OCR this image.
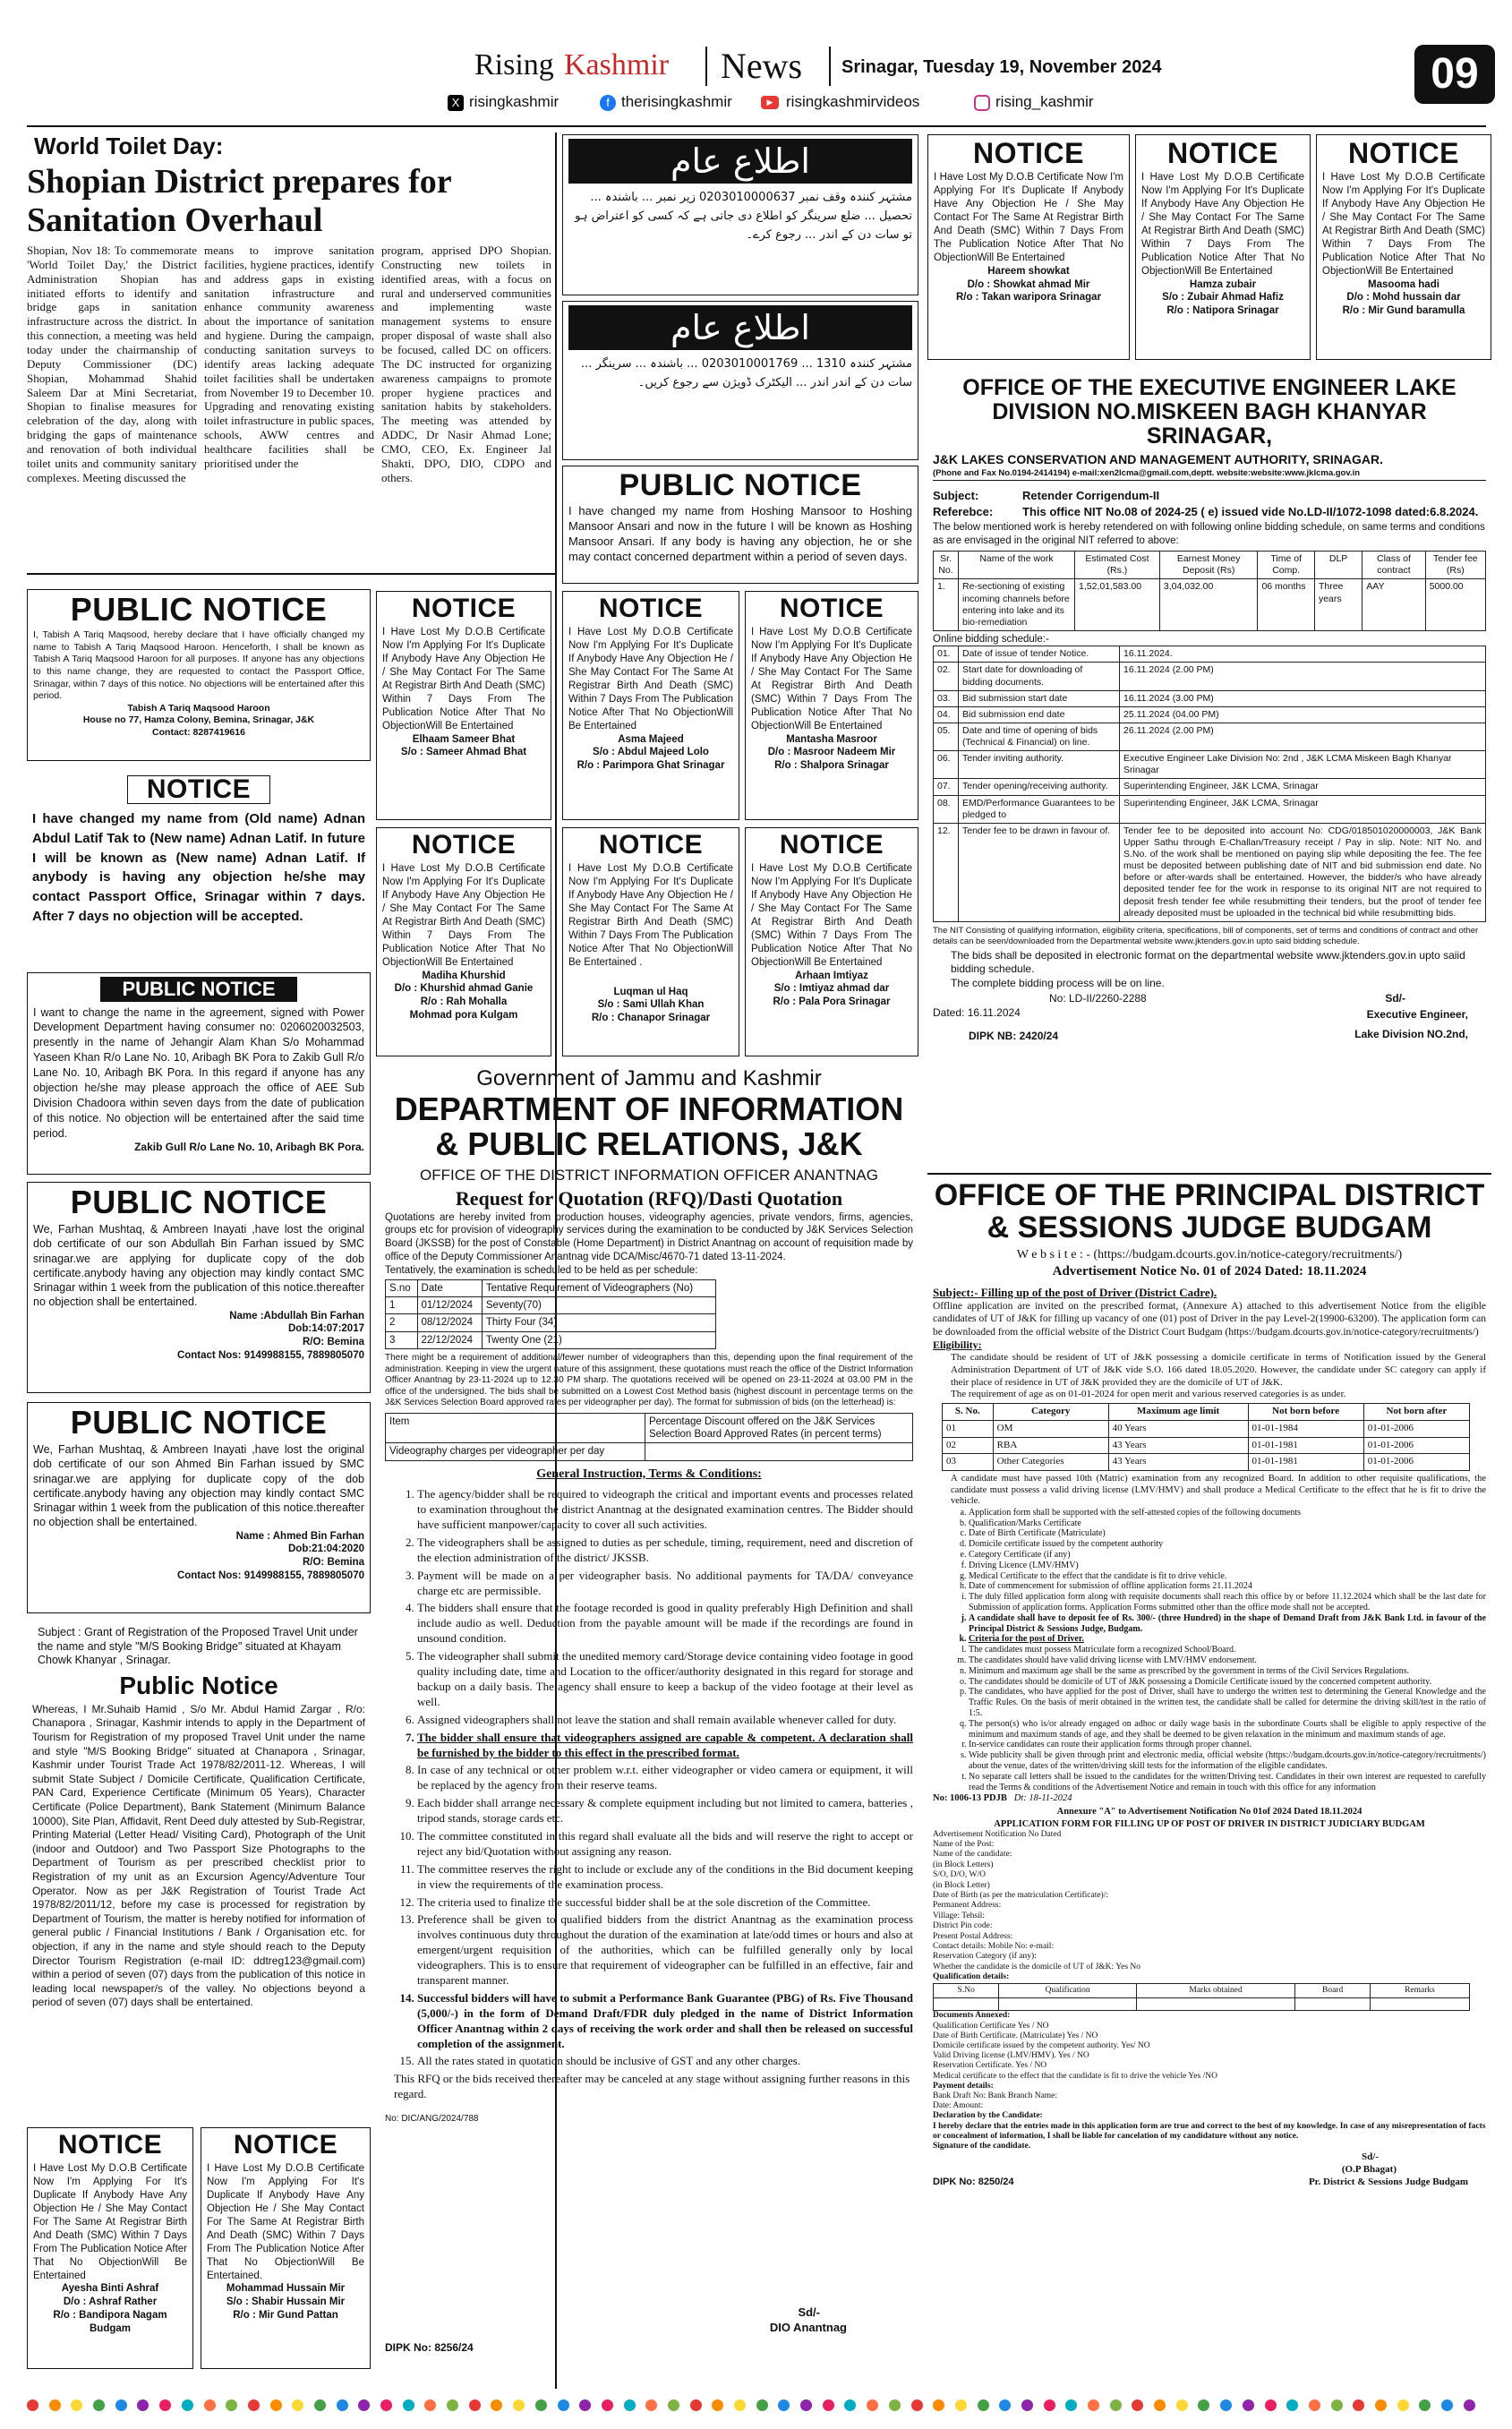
Rising Kashmir News Srinagar, Tuesday 19, November 2024	09
X risingkashmir	f therisingkashmir	▶ risingkashmirvideos	rising_kashmir
World Toilet Day:
Shopian District prepares for Sanitation Overhaul
Shopian, Nov 18: To commemorate 'World Toilet Day,' the District Administration Shopian has initiated efforts to identify and bridge gaps in sanitation infrastructure across the district. In this connection, a meeting was held today under the chairmanship of Deputy Commissioner (DC) Shopian, Mohammad Shahid Saleem Dar at Mini Secretariat, Shopian to finalise measures for celebration of the day, along with bridging the gaps of maintenance and renovation of both individual toilet units and community sanitary complexes. Meeting discussed the
means to improve sanitation facilities, hygiene practices, identify and address gaps in existing sanitation infrastructure and enhance community awareness about the importance of sanitation and hygiene. During the campaign, conducting sanitation surveys to identify areas lacking adequate toilet facilities shall be undertaken from November 19 to December 10. Upgrading and renovating existing toilet infrastructure in public spaces, schools, AWW centres and healthcare facilities shall be prioritised under the
program, apprised DPO Shopian. Constructing new toilets in identified areas, with a focus on rural and underserved communities and implementing waste management systems to ensure proper disposal of waste shall also be focused, called DC on officers. The DC instructed for organizing awareness campaigns to promote proper hygiene practices and sanitation habits by stakeholders. The meeting was attended by ADDC, Dr Nasir Ahmad Lone; CMO, CEO, Ex. Engineer Jal Shakti, DPO, DIO, CDPO and others.
اطلاعِ عام
مشتہر کنندہ وقف نمبر 0203010000637 زیر نمبر ... باشندہ ... تحصیل ... ضلع سرینگر کو اطلاع دی جاتی ہے کہ کسی کو اعتراض ہو تو سات دن کے اندر ... رجوع کرے۔
اطلاعِ عام
مشتہر کنندہ 1310 ... 0203010001769 ... باشندہ ... سرینگر ... سات دن کے اندر اندر ... الیکٹرک ڈویژن سے رجوع کریں۔
PUBLIC NOTICE
I have changed my name from Hoshing Mansoor to Hoshing Mansoor Ansari and now in the future I will be known as Hoshing Mansoor Ansari. If any body is having any objection, he or she may contact concerned department within a period of seven days.
NOTICE
I Have Lost My D.O.B Certificate Now I'm Applying For It's Duplicate If Anybody Have Any Objection He / She May Contact For The Same At Registrar Birth And Death (SMC) Within 7 Days From The Publication Notice After That No ObjectionWill Be Entertained
Hareem showkat
D/o : Showkat ahmad Mir
R/o : Takan waripora Srinagar
NOTICE
I Have Lost My D.O.B Certificate Now I'm Applying For It's Duplicate If Anybody Have Any Objection He / She May Contact For The Same At Registrar Birth And Death (SMC) Within 7 Days From The Publication Notice After That No ObjectionWill Be Entertained
Hamza zubair
S/o : Zubair Ahmad Hafiz
R/o : Natipora Srinagar
NOTICE
I Have Lost My D.O.B Certificate Now I'm Applying For It's Duplicate If Anybody Have Any Objection He / She May Contact For The Same At Registrar Birth And Death (SMC) Within 7 Days From The Publication Notice After That No ObjectionWill Be Entertained
Masooma hadi
D/o : Mohd hussain dar
R/o : Mir Gund baramulla
PUBLIC NOTICE
I, Tabish A Tariq Maqsood, hereby declare that I have officially changed my name to Tabish A Tariq Maqsood Haroon. Henceforth, I shall be known as Tabish A Tariq Maqsood Haroon for all purposes. If anyone has any objections to this name change, they are requested to contact the Passport Office, Srinagar, within 7 days of this notice. No objections will be entertained after this period.
Tabish A Tariq Maqsood Haroon
House no 77, Hamza Colony, Bemina, Srinagar, J&K
Contact: 8287419616
NOTICE
I have changed my name from (Old name) Adnan Abdul Latif Tak to (New name) Adnan Latif. In future I will be known as (New name) Adnan Latif. If anybody is having any objection he/she may contact Passport Office, Srinagar within 7 days. After 7 days no objection will be accepted.
PUBLIC NOTICE
I want to change the name in the agreement, signed with Power Development Department having consumer no: 0206020032503, presently in the name of Jehangir Alam Khan S/o Mohammad Yaseen Khan R/o Lane No. 10, Aribagh BK Pora to Zakib Gull R/o Lane No. 10, Aribagh BK Pora. In this regard if anyone has any objection he/she may please approach the office of AEE Sub Division Chadoora within seven days from the date of publication of this notice. No objection will be entertained after the said time period.
Zakib Gull R/o Lane No. 10, Aribagh BK Pora.
PUBLIC NOTICE
We, Farhan Mushtaq, & Ambreen Inayati ,have lost the original dob certificate of our son Abdullah Bin Farhan issued by SMC srinagar.we are applying for duplicate copy of the dob certificate.anybody having any objection may kindly contact SMC Srinagar within 1 week from the publication of this notice.thereafter no objection shall be entertained.
Name :Abdullah Bin Farhan
Dob:14:07:2017
R/O: Bemina
Contact Nos: 9149988155, 7889805070
PUBLIC NOTICE
We, Farhan Mushtaq, & Ambreen Inayati ,have lost the original dob certificate of our son Ahmed Bin Farhan issued by SMC srinagar.we are applying for duplicate copy of the dob certificate.anybody having any objection may kindly contact SMC Srinagar within 1 week from the publication of this notice.thereafter no objection shall be entertained.
Name : Ahmed Bin Farhan
Dob:21:04:2020
R/O: Bemina
Contact Nos: 9149988155, 7889805070
Subject : Grant of Registration of the Proposed Travel Unit under the name and style "M/S Booking Bridge" situated at Khayam Chowk Khanyar , Srinagar.
Public Notice
Whereas, I Mr.Suhaib Hamid , S/o Mr. Abdul Hamid Zargar , R/o: Chanapora , Srinagar, Kashmir intends to apply in the Department of Tourism for Registration of my proposed Travel Unit under the name and style "M/S Booking Bridge" situated at Chanapora , Srinagar, Kashmir under Tourist Trade Act 1978/82/2011-12. Whereas, I will submit State Subject / Domicile Certificate, Qualification Certificate, PAN Card, Experience Certificate (Minimum 05 Years), Character Certificate (Police Department), Bank Statement (Minimum Balance 10000), Site Plan, Affidavit, Rent Deed duly attested by Sub-Registrar, Printing Material (Letter Head/ Visiting Card), Photograph of the Unit (indoor and Outdoor) and Two Passport Size Photographs to the Department of Tourism as per prescribed checklist prior to Registration of my unit as an Excursion Agency/Adventure Tour Operator. Now as per J&K Registration of Tourist Trade Act 1978/82/2011/12, before my case is processed for registration by Department of Tourism, the matter is hereby notified for information of general public / Financial Institutions / Bank / Organisation etc. for objection, if any in the name and style should reach to the Deputy Director Tourism Registration (e-mail ID: ddtreg123@gmail.com) within a period of seven (07) days from the publication of this notice in leading local newspaper/s of the valley. No objections beyond a period of seven (07) days shall be entertained.
NOTICE
I Have Lost My D.O.B Certificate Now I'm Applying For It's Duplicate If Anybody Have Any Objection He / She May Contact For The Same At Registrar Birth And Death (SMC) Within 7 Days From The Publication Notice After That No ObjectionWill Be Entertained
Ayesha Binti Ashraf
D/o : Ashraf Rather
R/o : Bandipora Nagam Budgam
NOTICE
I Have Lost My D.O.B Certificate Now I'm Applying For It's Duplicate If Anybody Have Any Objection He / She May Contact For The Same At Registrar Birth And Death (SMC) Within 7 Days From The Publication Notice After That No ObjectionWill Be Entertained.
Mohammad Hussain Mir
S/o : Shabir Hussain Mir
R/o : Mir Gund Pattan
NOTICE
I Have Lost My D.O.B Certificate Now I'm Applying For It's Duplicate If Anybody Have Any Objection He / She May Contact For The Same At Registrar Birth And Death (SMC) Within 7 Days From The Publication Notice After That No ObjectionWill Be Entertained
Elhaam Sameer Bhat
S/o : Sameer Ahmad Bhat
NOTICE
I Have Lost My D.O.B Certificate Now I'm Applying For It's Duplicate If Anybody Have Any Objection He / She May Contact For The Same At Registrar Birth And Death (SMC) Within 7 Days From The Publication Notice After That No ObjectionWill Be Entertained
Asma Majeed
S/o : Abdul Majeed Lolo
R/o : Parimpora Ghat Srinagar
NOTICE
I Have Lost My D.O.B Certificate Now I'm Applying For It's Duplicate If Anybody Have Any Objection He / She May Contact For The Same At Registrar Birth And Death (SMC) Within 7 Days From The Publication Notice After That No ObjectionWill Be Entertained
Mantasha Masroor
D/o : Masroor Nadeem Mir
R/o : Shalpora Srinagar
NOTICE
I Have Lost My D.O.B Certificate Now I'm Applying For It's Duplicate If Anybody Have Any Objection He / She May Contact For The Same At Registrar Birth And Death (SMC) Within 7 Days From The Publication Notice After That No ObjectionWill Be Entertained
Madiha Khurshid
D/o : Khurshid ahmad Ganie
R/o : Rah Mohalla
Mohmad pora Kulgam
NOTICE
I Have Lost My D.O.B Certificate Now I'm Applying For It's Duplicate If Anybody Have Any Objection He / She May Contact For The Same At Registrar Birth And Death (SMC) Within 7 Days From The Publication Notice After That No ObjectionWill Be Entertained .
Luqman ul Haq
S/o : Sami Ullah Khan
R/o : Chanapor Srinagar
NOTICE
I Have Lost My D.O.B Certificate Now I'm Applying For It's Duplicate If Anybody Have Any Objection He / She May Contact For The Same At Registrar Birth And Death (SMC) Within 7 Days From The Publication Notice After That No ObjectionWill Be Entertained
Arhaan Imtiyaz
S/o : Imtiyaz ahmad dar
R/o : Pala Pora Srinagar
Government of Jammu and Kashmir
DEPARTMENT OF INFORMATION & PUBLIC RELATIONS, J&K
OFFICE OF THE DISTRICT INFORMATION OFFICER ANANTNAG
Request for Quotation (RFQ)/Dasti Quotation
Quotations are hereby invited from production houses, videography agencies, private vendors, firms, agencies, groups etc for provision of videography services during the examination to be conducted by J&K Services Selection Board (JKSSB) for the post of Constable (Home Department) in District Anantnag on account of requisition made by office of the Deputy Commissioner Anantnag vide DCA/Misc/4670-71 dated 13-11-2024.
Tentatively, the examination is scheduled to be held as per schedule:
S.no	Date	Tentative Requirement of Videographers (No)
1	01/12/2024	Seventy(70)
2	08/12/2024	Thirty Four (34)
3	22/12/2024	Twenty One (21)
There might be a requirement of additional/fewer number of videographers than this, depending upon the final requirement of the administration. Keeping in view the urgent nature of this assignment, these quotations must reach the office of the District Information Officer Anantnag by 23-11-2024 up to 12.30 PM sharp. The quotations received will be opened on 23-11-2024 at 03.00 PM in the office of the undersigned. The bids shall be submitted on a Lowest Cost Method basis (highest discount in percentage terms on the J&K Services Selection Board approved rates per videographer per day). The format for submission of bids (on the letterhead) is:
Item	Percentage Discount offered on the J&K Services Selection Board Approved Rates (in percent terms)
Videography charges per videographer per day	
General Instruction, Terms & Conditions:
1. The agency/bidder shall be required to videograph the critical and important events and processes related to examination throughout the district Anantnag at the designated examination centres. The Bidder should have sufficient manpower/capacity to cover all such activities.
2. The videographers shall be assigned to duties as per schedule, timing, requirement, need and discretion of the election administration of the district/ JKSSB.
3. Payment will be made on a per videographer basis. No additional payments for TA/DA/ conveyance charge etc are permissible.
4. The bidders shall ensure that the footage recorded is good in quality preferably High Definition and shall include audio as well. Deduction from the payable amount will be made if the recordings are found in unsound condition.
5. The videographer shall submit the unedited memory card/Storage device containing video footage in good quality including date, time and Location to the officer/authority designated in this regard for storage and backup on a daily basis. The agency shall ensure to keep a backup of the video footage at their level as well.
6. Assigned videographers shall not leave the station and shall remain available whenever called for duty.
7. The bidder shall ensure that videographers assigned are capable & competent. A declaration shall be furnished by the bidder to this effect in the prescribed format.
8. In case of any technical or other problem w.r.t. either videographer or video camera or equipment, it will be replaced by the agency from their reserve teams.
9. Each bidder shall arrange necessary & complete equipment including but not limited to camera, batteries , tripod stands, storage cards etc.
10. The committee constituted in this regard shall evaluate all the bids and will reserve the right to accept or reject any bid/Quotation without assigning any reason.
11. The committee reserves the right to include or exclude any of the conditions in the Bid document keeping in view the requirements of the examination process.
12. The criteria used to finalize the successful bidder shall be at the sole discretion of the Committee.
13. Preference shall be given to qualified bidders from the district Anantnag as the examination process involves continuous duty throughout the duration of the examination at late/odd times or hours and also at emergent/urgent requisition of the authorities, which can be fulfilled generally only by local videographers. This is to ensure that requirement of videographer can be fulfilled in an effective, fair and transparent manner.
14. Successful bidders will have to submit a Performance Bank Guarantee (PBG) of Rs. Five Thousand (5,000/-) in the form of Demand Draft/FDR duly pledged in the name of District Information Officer Anantnag within 2 days of receiving the work order and shall then be released on successful completion of the assignment.
15. All the rates stated in quotation should be inclusive of GST and any other charges.
This RFQ or the bids received thereafter may be canceled at any stage without assigning further reasons in this regard.
No: DIC/ANG/2024/788
Sd/-
DIO Anantnag
DIPK No: 8256/24
OFFICE OF THE EXECUTIVE ENGINEER LAKE DIVISION NO.MISKEEN BAGH KHANYAR SRINAGAR,
J&K LAKES CONSERVATION AND MANAGEMENT AUTHORITY, SRINAGAR.
(Phone and Fax No.0194-2414194) e-mail:xen2lcma@gmail.com,deptt. website:website:www.jklcma.gov.in
Subject:	Retender Corrigendum-II
Referebce:	This office NIT No.08 of 2024-25 ( e) issued vide No.LD-II/1072-1098 dated:6.8.2024.
The below mentioned work is hereby retendered on with following online bidding schedule, on same terms and conditions as are envisaged in the original NIT referred to above:
Sr. No.	Name of the work	Estimated Cost (Rs.)	Earnest Money Deposit (Rs)	Time of Comp.	DLP	Class of contract	Tender fee (Rs)
1.	Re-sectioning of existing incoming channels before entering into lake and its bio-remediation	1,52,01,583.00	3,04,032.00	06 months	Three years	AAY	5000.00
Online bidding schedule:-
01.	Date of issue of tender Notice.	16.11.2024.
02.	Start date for downloading of bidding documents.	16.11.2024 (2.00 PM)
03.	Bid submission start date	16.11.2024 (3.00 PM)
04.	Bid submission end date	25.11.2024 (04.00 PM)
05.	Date and time of opening of bids (Technical & Financial) on line.	26.11.2024 (2.00 PM)
06.	Tender inviting authority.	Executive Engineer Lake Division No: 2nd , J&K LCMA Miskeen Bagh Khanyar Srinagar
07.	Tender opening/receiving authority.	Superintending Engineer, J&K LCMA, Srinagar
08.	EMD/Performance Guarantees to be pledged to	Superintending Engineer, J&K LCMA, Srinagar
12.	Tender fee to be drawn in favour of.	Tender fee to be deposited into account No: CDG/018501020000003, J&K Bank Upper Sathu through E-Challan/Treasury receipt / Pay in slip. Note: NIT No. and S.No. of the work shall be mentioned on paying slip while depositing the fee. The fee must be deposited between publishing date of NIT and bid submission end date. No before or after-wards shall be entertained. However, the bidder/s who have already deposited tender fee for the work in response to its original NIT are not required to deposit fresh tender fee while resubmitting their tenders, but the proof of tender fee already deposited must be uploaded in the technical bid while resubmitting bids.
The NIT Consisting of qualifying information, eligibility criteria, specifications, bill of components, set of terms and conditions of contract and other details can be seen/downloaded from the Departmental website www.jktenders.gov.in upto said bidding schedule.
The bids shall be deposited in electronic format on the departmental website www.jktenders.gov.in upto saiid bidding schedule.
The complete bidding process will be on line.
No: LD-II/2260-2288	Sd/-
Dated: 16.11.2024	Executive Engineer,
DIPK NB: 2420/24	Lake Division NO.2nd,
OFFICE OF THE PRINCIPAL DISTRICT & SESSIONS JUDGE BUDGAM
W e b s i t e : - (https://budgam.dcourts.gov.in/notice-category/recruitments/)
Advertisement Notice No. 01 of 2024 Dated: 18.11.2024
Subject:- Filling up of the post of Driver (District Cadre).
Offline application are invited on the prescribed format, (Annexure A) attached to this advertisement Notice from the eligible candidates of UT of J&K for filling up vacancy of one (01) post of Driver in the pay Level-2(19900-63200). The application form can be downloaded from the official website of the District Court Budgam (https://budgam.dcourts.gov.in/notice-category/recruitments/)
Eligibility:
The candidate should be resident of UT of J&K possessing a domicile certificate in terms of Notification issued by the General Administration Department of UT of J&K vide S.O. 166 dated 18.05.2020. However, the candidate under SC category can apply if their place of residence in UT of J&K provided they are the domicile of UT of J&K.
The requirement of age as on 01-01-2024 for open merit and various reserved categories is as under.
S. No.	Category	Maximum age limit	Not born before	Not born after
01	OM	40 Years	01-01-1984	01-01-2006
02	RBA	43 Years	01-01-1981	01-01-2006
03	Other Categories	43 Years	01-01-1981	01-01-2006
A candidate must have passed 10th (Matric) examination from any recognized Board. In addition to other requisite qualifications, the candidate must possess a valid driving license (LMV/HMV) and shall produce a Medical Certificate to the effect that he is fit to drive the vehicle.
a. Application form shall be supported with the self-attested copies of the following documents
b. Qualification/Marks Certificate
c. Date of Birth Certificate (Matriculate)
d. Domicile certificate issued by the competent authority
e. Category Certificate (if any)
f. Driving Licence (LMV/HMV)
g. Medical Certificate to the effect that the candidate is fit to drive vehicle.
h. Date of commencement for submission of offline application forms 21.11.2024
i. The duly filled application form along with requisite documents shall reach this office by or before 11.12.2024 which shall be the last date for Submission of application forms. Application Forms submitted other than the office mode shall not be accepted.
j. A candidate shall have to deposit fee of Rs. 300/- (three Hundred) in the shape of Demand Draft from J&K Bank Ltd. in favour of the Principal District & Sessions Judge, Budgam.
k. Criteria for the post of Driver.
l. The candidates must possess Matriculate form a recognized School/Board.
m. The candidates should have valid driving license with LMV/HMV endorsement.
n. Minimum and maximum age shall be the same as prescribed by the government in terms of the Civil Services Regulations.
o. The candidates should be domicile of UT of J&K possessing a Domicile Certificate issued by the concerned competent authority.
p. The candidates, who have applied for the post of Driver, shall have to undergo the written test to determining the General Knowledge and the Traffic Rules. On the basis of merit obtained in the written test, the candidate shall be called for determine the driving skill/test in the ratio of 1:5.
q. The person(s) who is/or already engaged on adhoc or daily wage basis in the subordinate Courts shall be eligible to apply respective of the minimum and maximum stands of age, and they shall be deemed to be given relaxation in the minimum and maximum stands of age.
r. In-service candidates can route their application forms through proper channel.
s. Wide publicity shall be given through print and electronic media, official website (https://budgam.dcourts.gov.in/notice-category/recruitments/) about the venue, dates of the written/driving skill tests for the information of the eligible candidates.
t. No separate call letters shall be issued to the candidates for the written/Driving test. Candidates in their own interest are requested to carefully read the Terms & conditions of the Advertisement Notice and remain in touch with this office for any information
No: 1006-13 PDJB Dt: 18-11-2024
Annexure "A" to Advertisement Notification No 01of 2024 Dated 18.11.2024
APPLICATION FORM FOR FILLING UP OF POST OF DRIVER IN DISTRICT JUDICIARY BUDGAM
Advertisement Notification No Dated
Name of the Post:
Name of the candidate:
(in Block Letters)
S/O, D/O, W/O
(in Block Letter)
Date of Birth (as per the matriculation Certificate)/:
Permanent Address:
Village: Tehsil:
District Pin code:
Present Postal Address:
Contact details: Mobile No: e-mail:
Reservation Category (if any):
Whether the candidate is the domicile of UT of J&K: Yes No
Qualification details:
S.No	Qualification	Marks obtained	Board	Remarks

Documents Annexed:
Qualification Certificate Yes / NO
Date of Birth Certificate. (Matriculate) Yes / NO
Domicile certificate issued by the competent authority. Yes/ NO
Valid Driving license (LMV/HMV). Yes / NO
Reservation Certificate. Yes / NO
Medical certificate to the effect that the candidate is fit to drive the vehicle Yes /NO
Payment details:
Bank Draft No: Bank Branch Name:
Date: Amount:
Declaration by the Candidate:
I hereby declare that the entries made in this application form are true and correct to the best of my knowledge. In case of any misrepresentation of facts or concealment of information, I shall be liable for cancelation of my candidature without any notice.
Signature of the candidate.
Sd/-
(O.P Bhagat)
DIPK No: 8250/24	Pr. District & Sessions Judge Budgam
